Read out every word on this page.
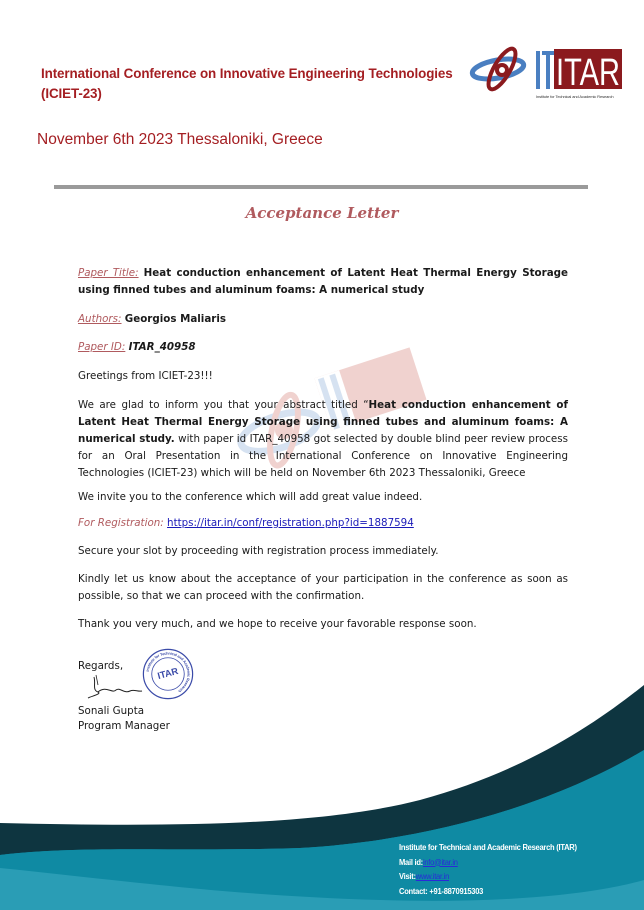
International Conference on Innovative Engineering Technologies
(ICIET-23)	ITAR
Institute for Technical and Academic Research
November 6th 2023 Thessaloniki, Greece
Acceptance Letter
Paper Title: Heat conduction enhancement of Latent Heat Thermal Energy Storage using finned tubes and aluminum foams: A numerical study
Authors: Georgios Maliaris
Paper ID: ITAR_40958
Greetings from ICIET-23!!!
We are glad to inform you that your abstract titled “Heat conduction enhancement of Latent Heat Thermal Energy Storage using finned tubes and aluminum foams: A numerical study. with paper id ITAR_40958 got selected by double blind peer review process for an Oral Presentation in the International Conference on Innovative Engineering Technologies (ICIET-23) which will be held on November 6th 2023 Thessaloniki, Greece
We invite you to the conference which will add great value indeed.
For Registration: https://itar.in/conf/registration.php?id=1887594
Secure your slot by proceeding with registration process immediately.
Kindly let us know about the acceptance of your participation in the conference as soon as possible, so that we can proceed with the confirmation.
Thank you very much, and we hope to receive your favorable response soon.
Regards,	Institute for Technical and Academic Research
ITAR
Sonali Gupta
Program Manager
Institute for Technical and Academic Research (ITAR)
Mail id:info@itar.in
Visit:www.itar.in
Contact: +91-8870915303
